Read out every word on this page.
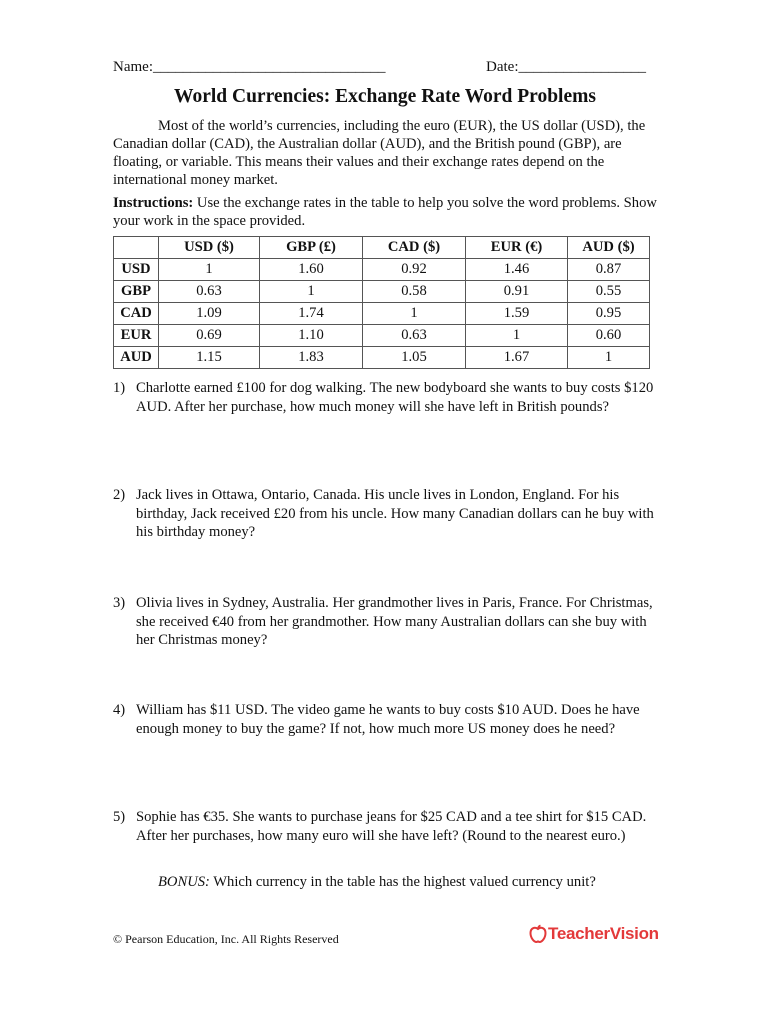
Name:_______________________________	Date:_________________
World Currencies: Exchange Rate Word Problems
Most of the world’s currencies, including the euro (EUR), the US dollar (USD), the Canadian dollar (CAD), the Australian dollar (AUD), and the British pound (GBP), are floating, or variable. This means their values and their exchange rates depend on the international money market.
Instructions: Use the exchange rates in the table to help you solve the word problems. Show your work in the space provided.
	USD ($)	GBP (₤)	CAD ($)	EUR (€)	AUD ($)
USD	1	1.60	0.92	1.46	0.87
GBP	0.63	1	0.58	0.91	0.55
CAD	1.09	1.74	1	1.59	0.95
EUR	0.69	1.10	0.63	1	0.60
AUD	1.15	1.83	1.05	1.67	1
1) Charlotte earned £100 for dog walking. The new bodyboard she wants to buy costs $120 AUD. After her purchase, how much money will she have left in British pounds?
2) Jack lives in Ottawa, Ontario, Canada. His uncle lives in London, England. For his birthday, Jack received £20 from his uncle. How many Canadian dollars can he buy with his birthday money?
3) Olivia lives in Sydney, Australia. Her grandmother lives in Paris, France. For Christmas, she received €40 from her grandmother. How many Australian dollars can she buy with her Christmas money?
4) William has $11 USD. The video game he wants to buy costs $10 AUD. Does he have enough money to buy the game? If not, how much more US money does he need?
5) Sophie has €35. She wants to purchase jeans for $25 CAD and a tee shirt for $15 CAD. After her purchases, how many euro will she have left? (Round to the nearest euro.)
BONUS: Which currency in the table has the highest valued currency unit?
© Pearson Education, Inc. All Rights Reserved	TeacherVision
